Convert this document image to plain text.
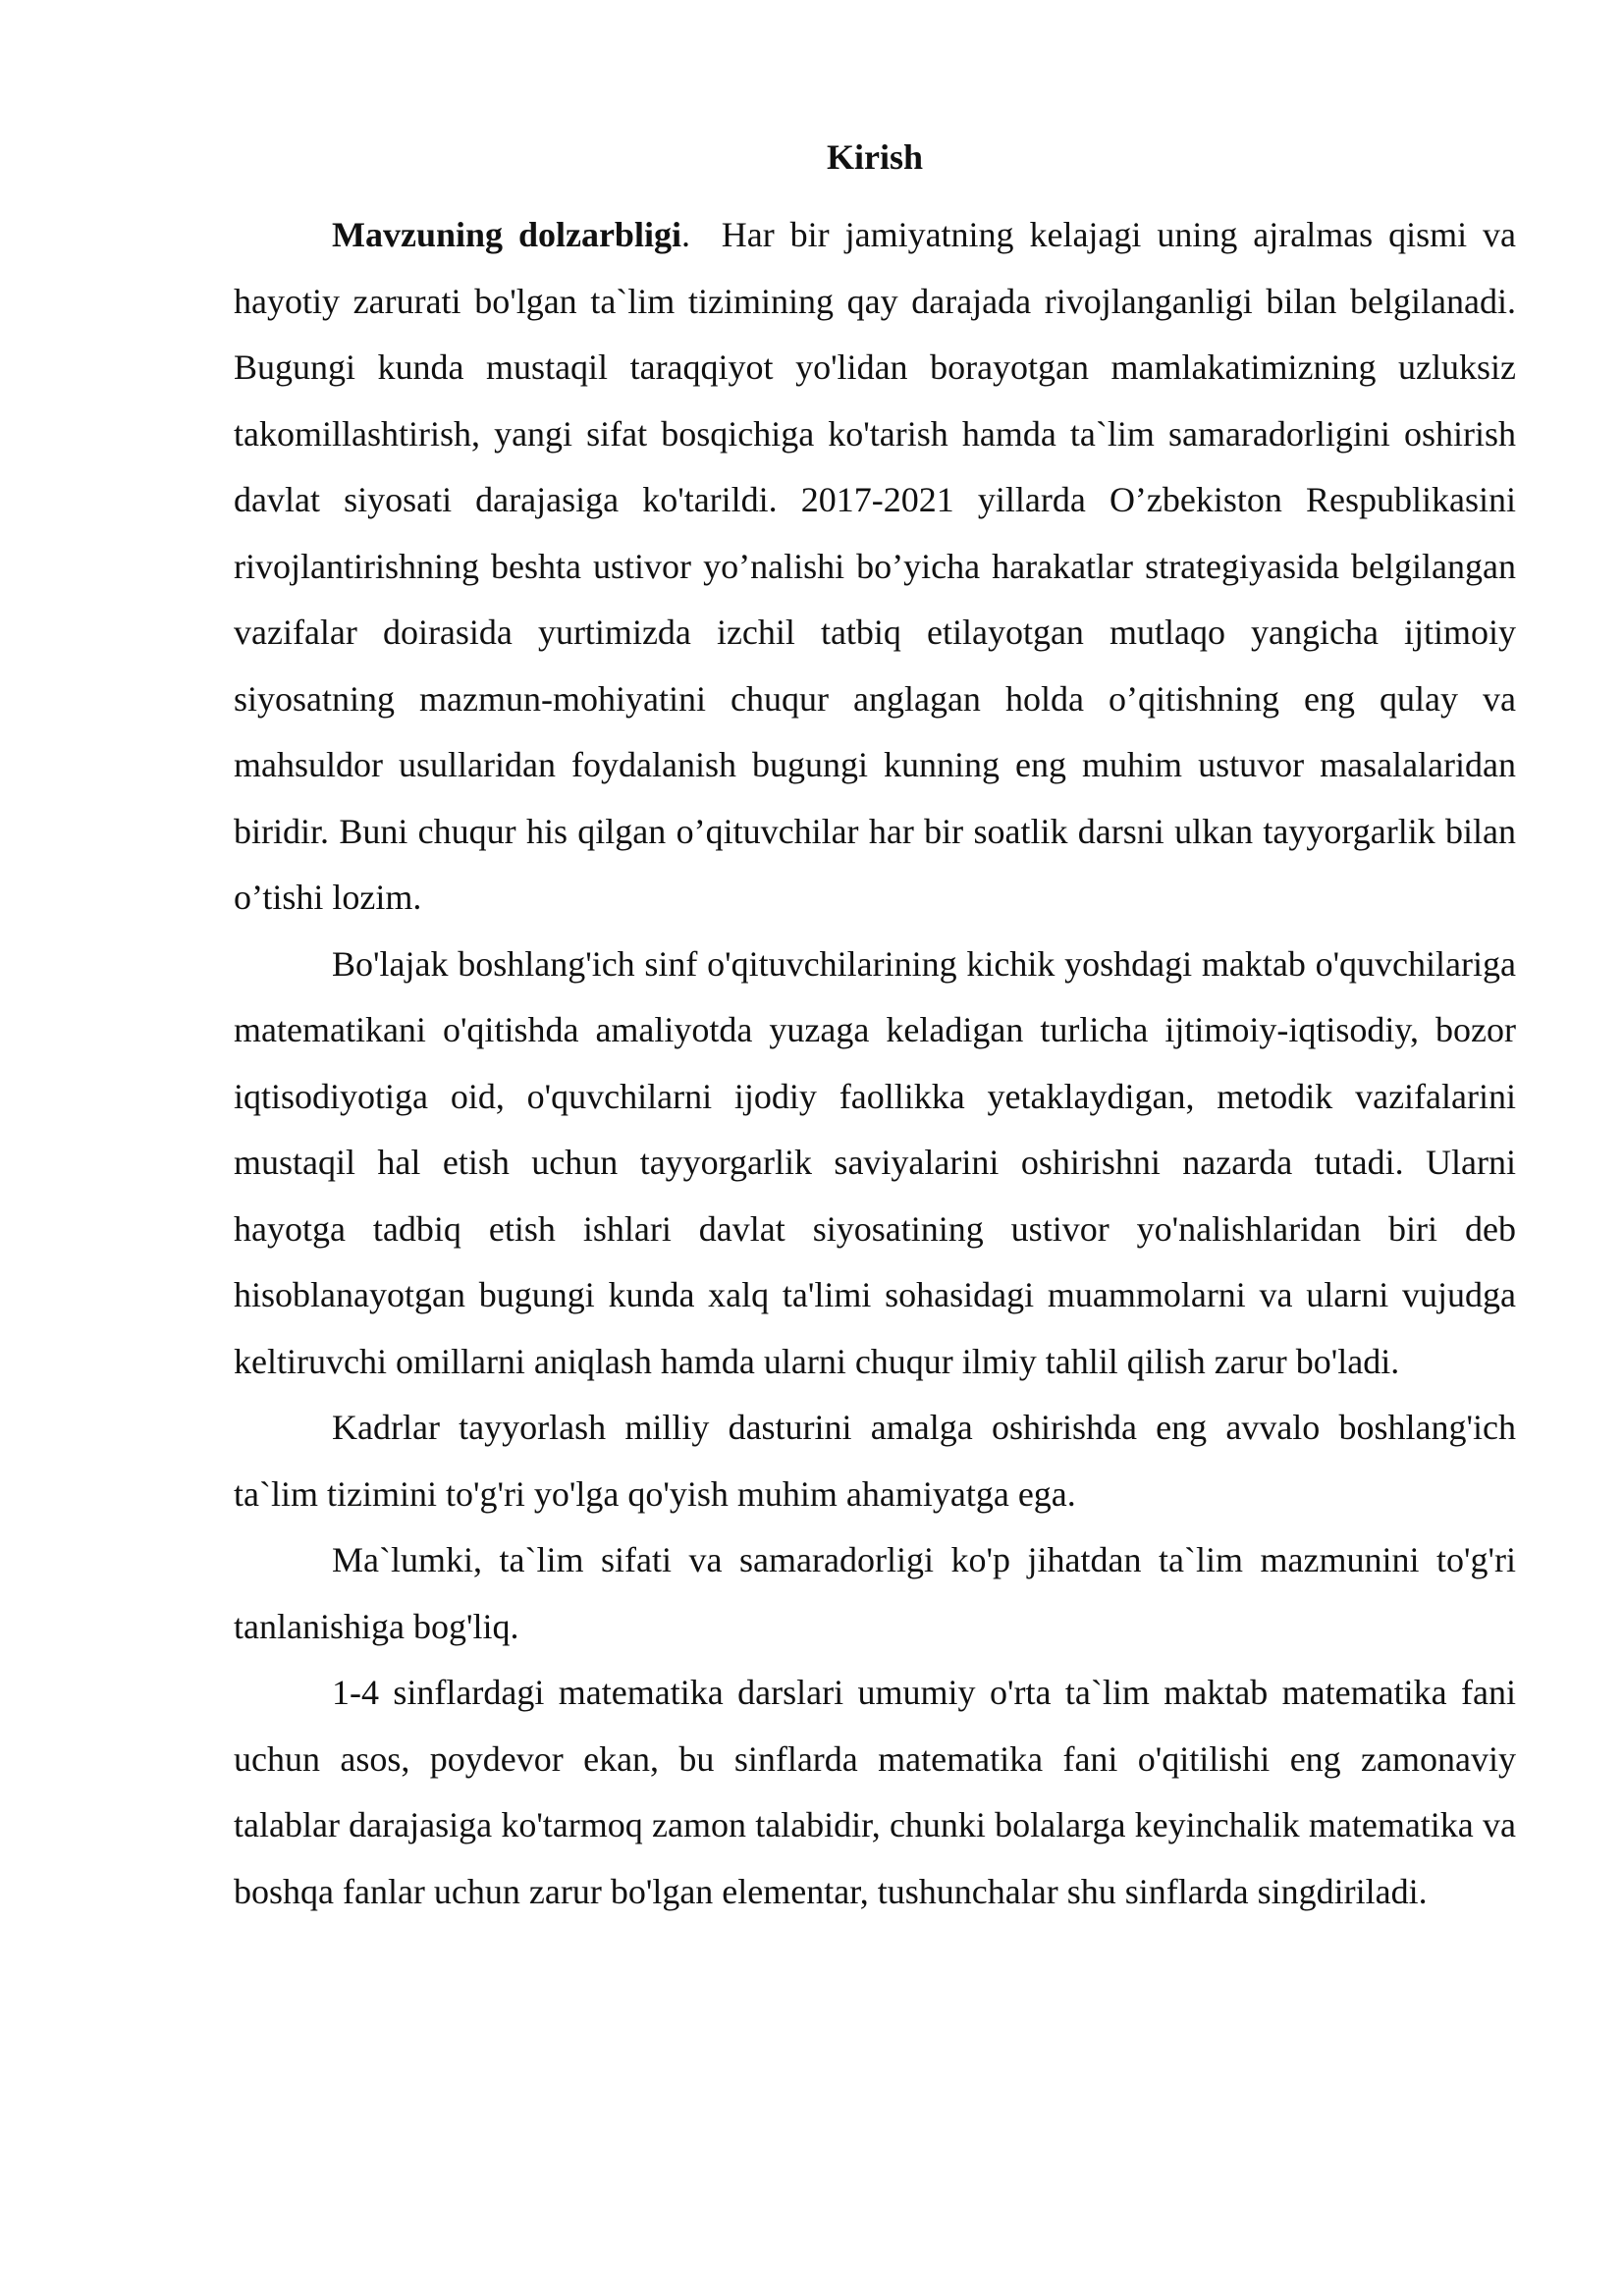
Kirish

Mavzuning dolzarbligi. Har bir jamiyatning kelajagi uning ajralmas qismi va hayotiy zarurati bo'lgan ta`lim tizimining qay darajada rivojlanganligi bilan belgilanadi. Bugungi kunda mustaqil taraqqiyot yo'lidan borayotgan mamlakatimizning uzluksiz takomillashtirish, yangi sifat bosqichiga ko'tarish hamda ta`lim samaradorligini oshirish davlat siyosati darajasiga ko'tarildi. 2017-2021 yillarda O’zbekiston Respublikasini rivojlantirishning beshta ustivor yo’nalishi bo’yicha harakatlar strategiyasida belgilangan vazifalar doirasida yurtimizda izchil tatbiq etilayotgan mutlaqo yangicha ijtimoiy siyosatning mazmun-mohiyatini chuqur anglagan holda o’qitishning eng qulay va mahsuldor usullaridan foydalanish bugungi kunning eng muhim ustuvor masalalaridan biridir. Buni chuqur his qilgan o’qituvchilar har bir soatlik darsni ulkan tayyorgarlik bilan o’tishi lozim.

Bo'lajak boshlang'ich sinf o'qituvchilarining kichik yoshdagi maktab o'quvchilariga matematikani o'qitishda amaliyotda yuzaga keladigan turlicha ijtimoiy-iqtisodiy, bozor iqtisodiyotiga oid, o'quvchilarni ijodiy faollikka yetaklaydigan, metodik vazifalarini mustaqil hal etish uchun tayyorgarlik saviyalarini oshirishni nazarda tutadi. Ularni hayotga tadbiq etish ishlari davlat siyosatining ustivor yo'nalishlaridan biri deb hisoblanayotgan bugungi kunda xalq ta'limi sohasidagi muammolarni va ularni vujudga keltiruvchi omillarni aniqlash hamda ularni chuqur ilmiy tahlil qilish zarur bo'ladi.

Kadrlar tayyorlash milliy dasturini amalga oshirishda eng avvalo boshlang'ich ta`lim tizimini to'g'ri yo'lga qo'yish muhim ahamiyatga ega.

Ma`lumki, ta`lim sifati va samaradorligi ko'p jihatdan ta`lim mazmunini to'g'ri tanlanishiga bog'liq.

1-4 sinflardagi matematika darslari umumiy o'rta ta`lim maktab matematika fani uchun asos, poydevor ekan, bu sinflarda matematika fani o'qitilishi eng zamonaviy talablar darajasiga ko'tarmoq zamon talabidir, chunki bolalarga keyinchalik matematika va boshqa fanlar uchun zarur bo'lgan elementar, tushunchalar shu sinflarda singdiriladi.
